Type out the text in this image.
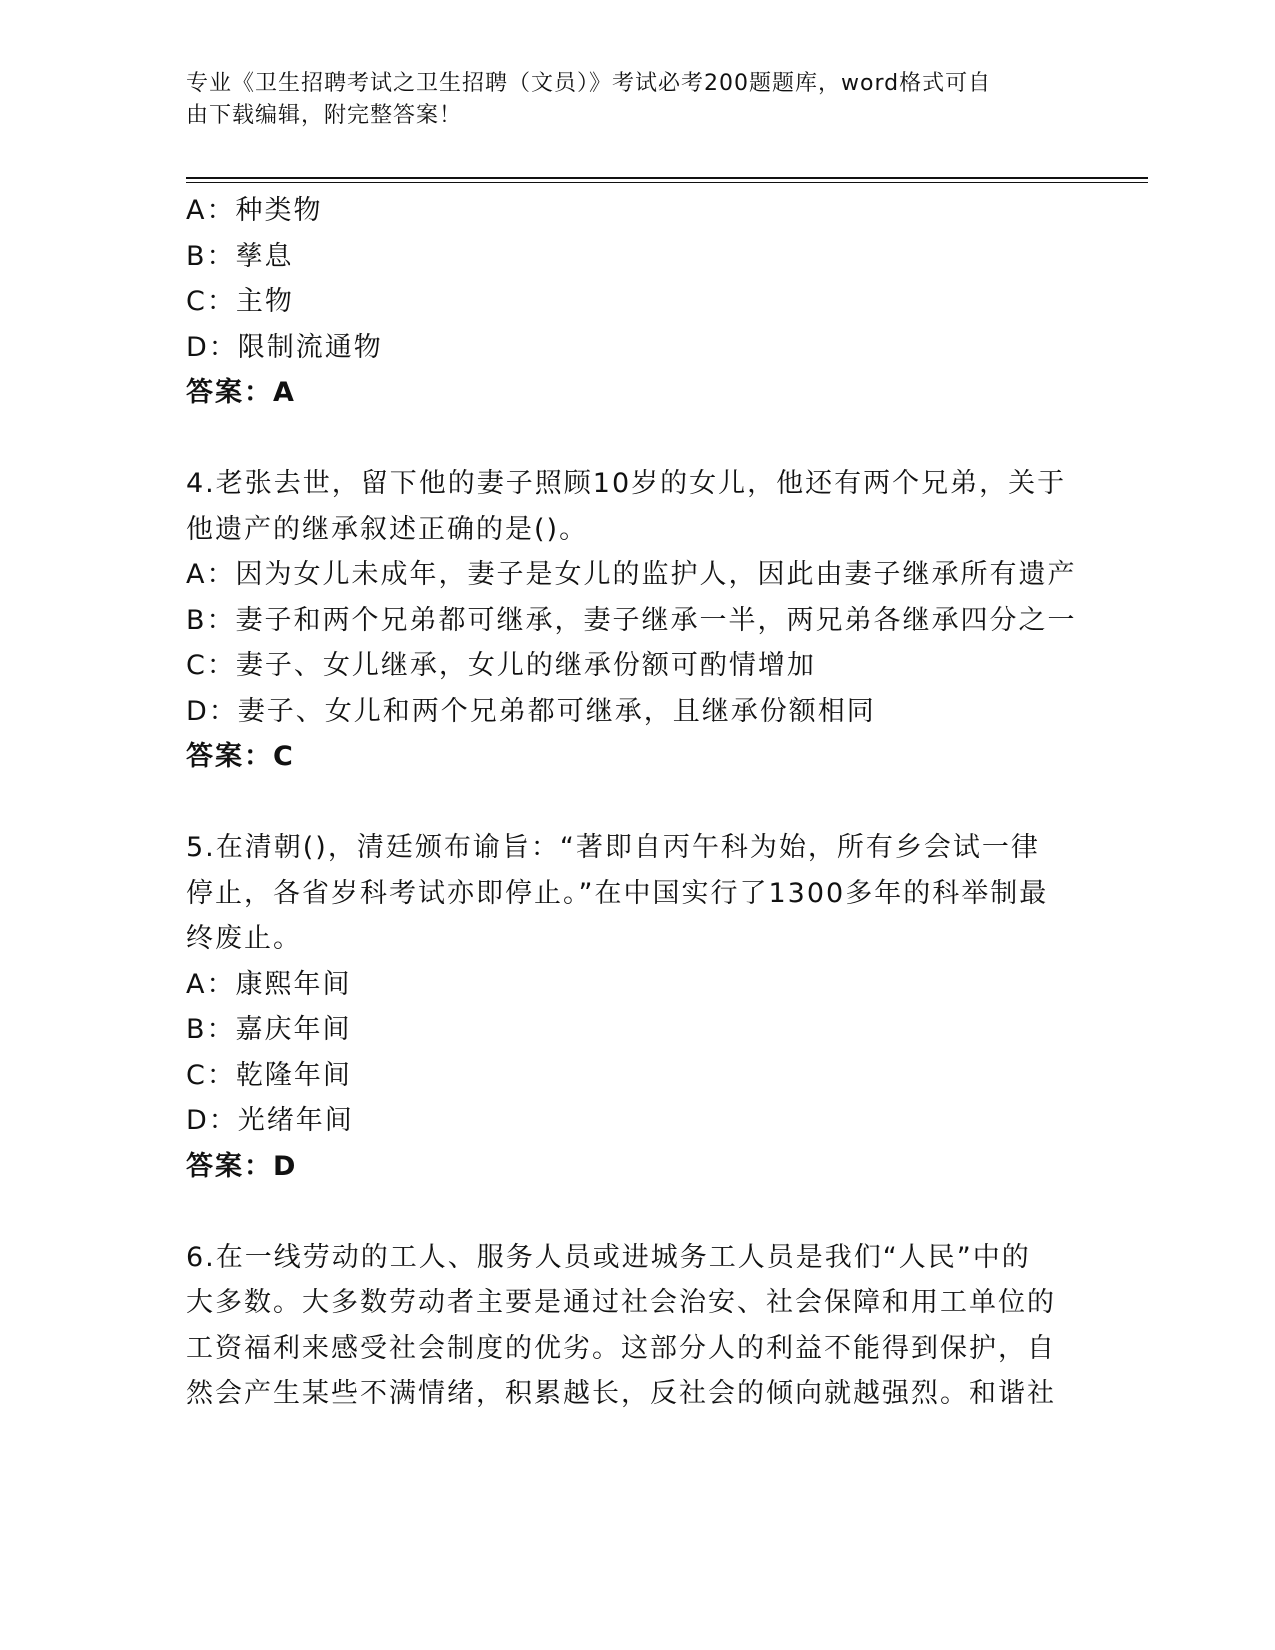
专业《卫生招聘考试之卫生招聘（文员）》考试必考200题题库，word格式可自
由下载编辑，附完整答案！
A：种类物
B：孳息
C：主物
D：限制流通物
答案：A
4.老张去世，留下他的妻子照顾10岁的女儿，他还有两个兄弟，关于
他遗产的继承叙述正确的是()。
A：因为女儿未成年，妻子是女儿的监护人，因此由妻子继承所有遗产
B：妻子和两个兄弟都可继承，妻子继承一半，两兄弟各继承四分之一
C：妻子、女儿继承，女儿的继承份额可酌情增加
D：妻子、女儿和两个兄弟都可继承，且继承份额相同
答案：C
5.在清朝()，清廷颁布谕旨：“著即自丙午科为始，所有乡会试一律
停止，各省岁科考试亦即停止。”在中国实行了1300多年的科举制最
终废止。
A：康熙年间
B：嘉庆年间
C：乾隆年间
D：光绪年间
答案：D
6.在一线劳动的工人、服务人员或进城务工人员是我们“人民”中的
大多数。大多数劳动者主要是通过社会治安、社会保障和用工单位的
工资福利来感受社会制度的优劣。这部分人的利益不能得到保护，自
然会产生某些不满情绪，积累越长，反社会的倾向就越强烈。和谐社
